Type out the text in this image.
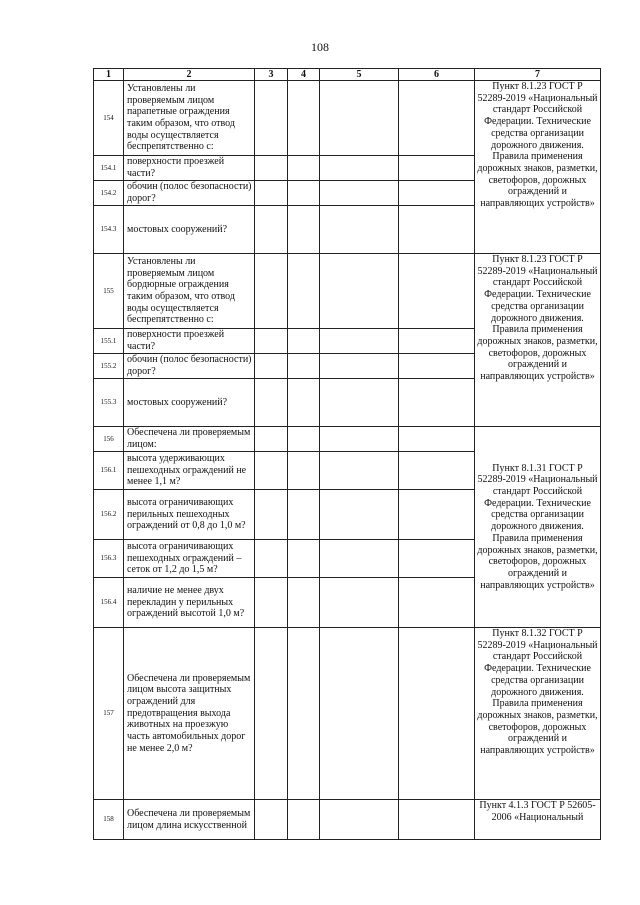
108
1	2	3	4	5	6	7
154	Установлены ли проверяемым лицом парапетные ограждения таким образом, что отвод воды осуществляется беспрепятственно с:					Пункт 8.1.23 ГОСТ Р 52289-2019 «Национальный стандарт Российской Федерации. Технические средства организации дорожного движения. Правила применения дорожных знаков, разметки, светофоров, дорожных ограждений и направляющих устройств»
154.1	поверхности проезжей части?					
154.2	обочин (полос безопасности) дорог?					
154.3	мостовых сооружений?					
155	Установлены ли проверяемым лицом бордюрные ограждения таким образом, что отвод воды осуществляется беспрепятственно с:					Пункт 8.1.23 ГОСТ Р 52289-2019 «Национальный стандарт Российской Федерации. Технические средства организации дорожного движения. Правила применения дорожных знаков, разметки, светофоров, дорожных ограждений и направляющих устройств»
155.1	поверхности проезжей части?					
155.2	обочин (полос безопасности) дорог?					
155.3	мостовых сооружений?					
156	Обеспечена ли проверяемым лицом:					Пункт 8.1.31 ГОСТ Р 52289-2019 «Национальный стандарт Российской Федерации. Технические средства организации дорожного движения. Правила применения дорожных знаков, разметки, светофоров, дорожных ограждений и направляющих устройств»
156.1	высота удерживающих пешеходных ограждений не менее 1,1 м?					
156.2	высота ограничивающих перильных пешеходных ограждений от 0,8 до 1,0 м?					
156.3	высота ограничивающих пешеходных ограждений – сеток от 1,2 до 1,5 м?					
156.4	наличие не менее двух перекладин у перильных ограждений высотой 1,0 м?					
157	Обеспечена ли проверяемым лицом высота защитных ограждений для предотвращения выхода животных на проезжую часть автомобильных дорог не менее 2,0 м?					Пункт 8.1.32 ГОСТ Р 52289-2019 «Национальный стандарт Российской Федерации. Технические средства организации дорожного движения. Правила применения дорожных знаков, разметки, светофоров, дорожных ограждений и направляющих устройств»
158	Обеспечена ли проверяемым лицом длина искусственной					Пункт 4.1.3 ГОСТ Р 52605-2006 «Национальный
